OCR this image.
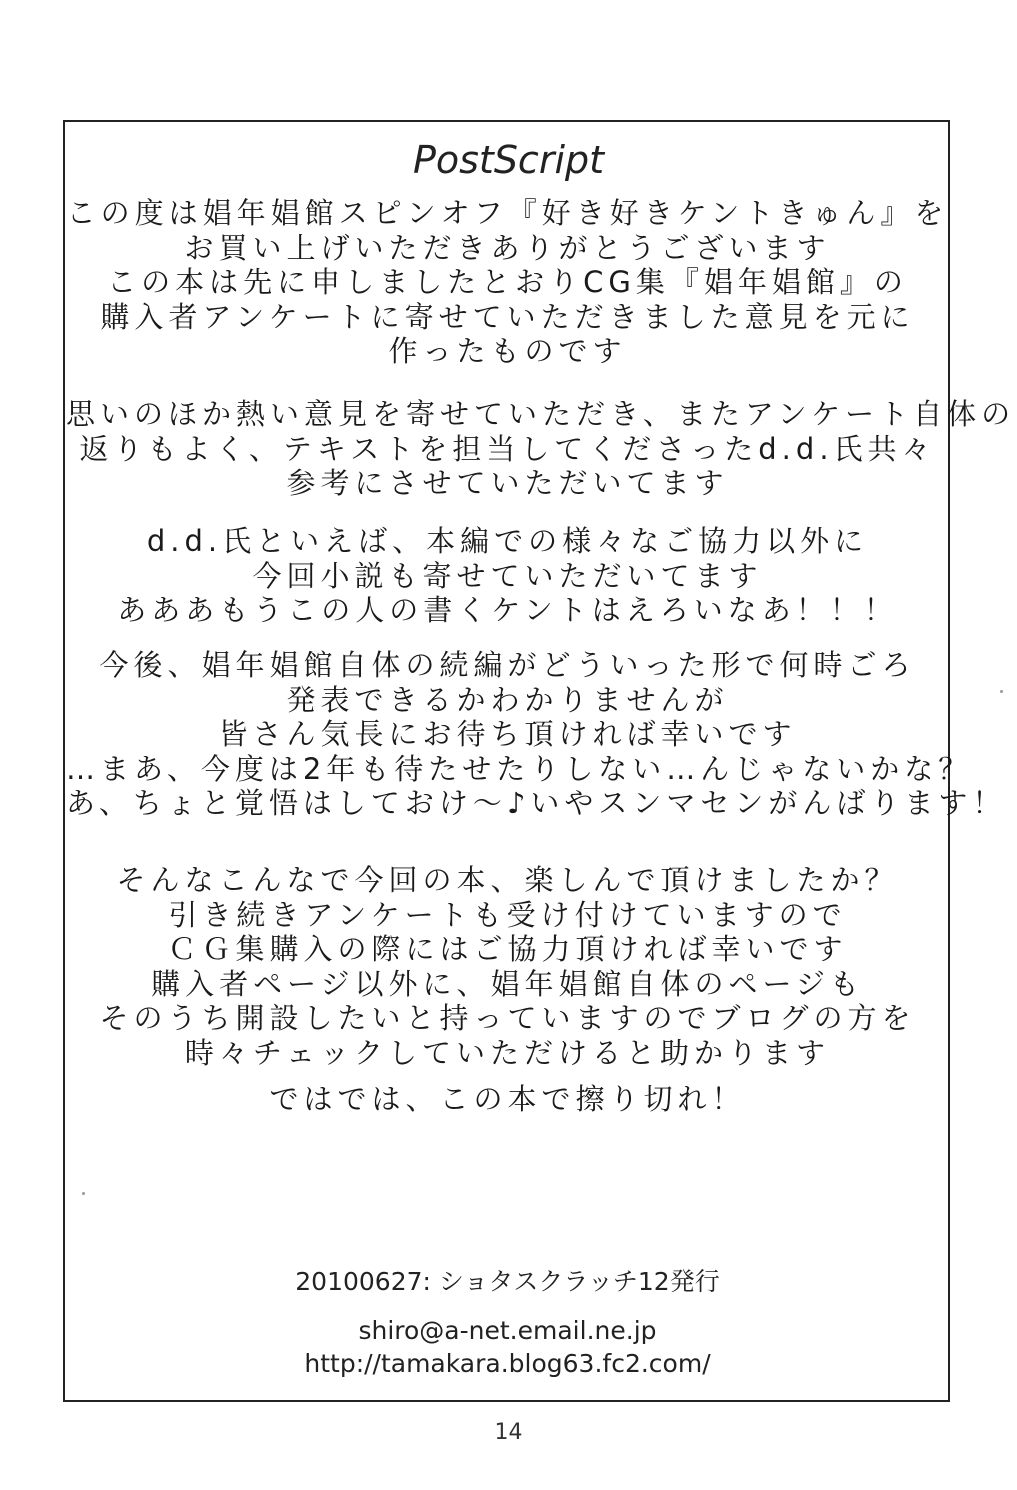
PostScript
この度は娼年娼館スピンオフ『好き好きケントきゅん』を
お買い上げいただきありがとうございます
この本は先に申しましたとおりCG集『娼年娼館』の
購入者アンケートに寄せていただきました意見を元に
作ったものです
思いのほか熱い意見を寄せていただき、またアンケート自体の
返りもよく、テキストを担当してくださったd.d.氏共々
参考にさせていただいてます
d.d.氏といえば、本編での様々なご協力以外に
今回小説も寄せていただいてます
あああもうこの人の書くケントはえろいなあ！！！
今後、娼年娼館自体の続編がどういった形で何時ごろ
発表できるかわかりませんが
皆さん気長にお待ち頂ければ幸いです
…まあ、今度は2年も待たせたりしない…んじゃないかな？
あ、ちょと覚悟はしておけ～♪いやスンマセンがんばります！
そんなこんなで今回の本、楽しんで頂けましたか？
引き続きアンケートも受け付けていますので
ＣＧ集購入の際にはご協力頂ければ幸いです
購入者ページ以外に、娼年娼館自体のページも
そのうち開設したいと持っていますのでブログの方を
時々チェックしていただけると助かります
ではでは、この本で擦り切れ！
20100627: ショタスクラッチ12発行
shiro@a-net.email.ne.jp
http://tamakara.blog63.fc2.com/
14
